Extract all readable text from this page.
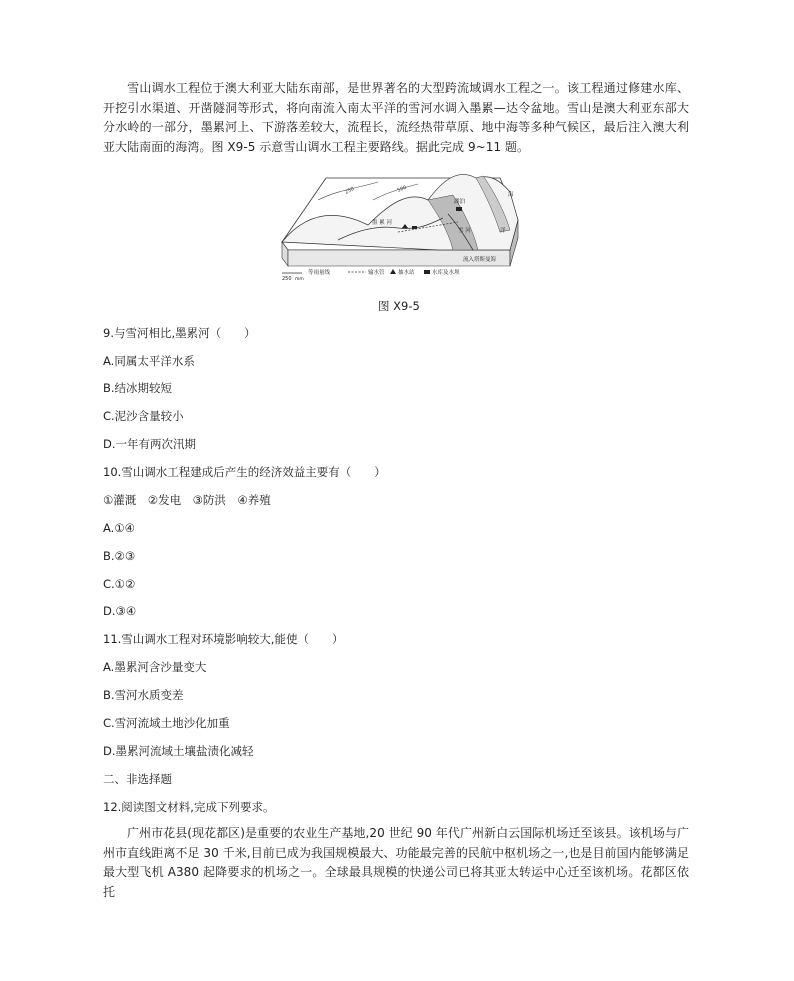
雪山调水工程位于澳大利亚大陆东南部，是世界著名的大型跨流域调水工程之一。该工程通过修建水库、开挖引水渠道、开凿隧洞等形式，将向南流入南太平洋的雪河水调入墨累—达令盆地。雪山是澳大利亚东部大分水岭的一部分，墨累河上、下游落差较大，流程长，流经热带草原、地中海等多种气候区，最后注入澳大利亚大陆南面的海湾。图 X9-5 示意雪山调水工程主要路线。据此完成 9~11 题。

250	500
墨 累 河
雪 河
湖泊
海
洋
流入塔斯曼海
250 mm
等雨量线	输水管 抽水站	水库及水坝
图 X9-5

9.与雪河相比,墨累河（　　）

A.同属太平洋水系

B.结冰期较短

C.泥沙含量较小

D.一年有两次汛期

10.雪山调水工程建成后产生的经济效益主要有（　　）

①灌溉　②发电　③防洪　④养殖

A.①④

B.②③

C.①②

D.③④

11.雪山调水工程对环境影响较大,能使（　　）

A.墨累河含沙量变大

B.雪河水质变差

C.雪河流域土地沙化加重

D.墨累河流域土壤盐渍化减轻

二、非选择题

12.阅读图文材料,完成下列要求。

广州市花县(现花都区)是重要的农业生产基地,20 世纪 90 年代广州新白云国际机场迁至该县。该机场与广州市直线距离不足 30 千米,目前已成为我国规模最大、功能最完善的民航中枢机场之一,也是目前国内能够满足最大型飞机 A380 起降要求的机场之一。全球最具规模的快递公司已将其亚太转运中心迁至该机场。花都区依托
